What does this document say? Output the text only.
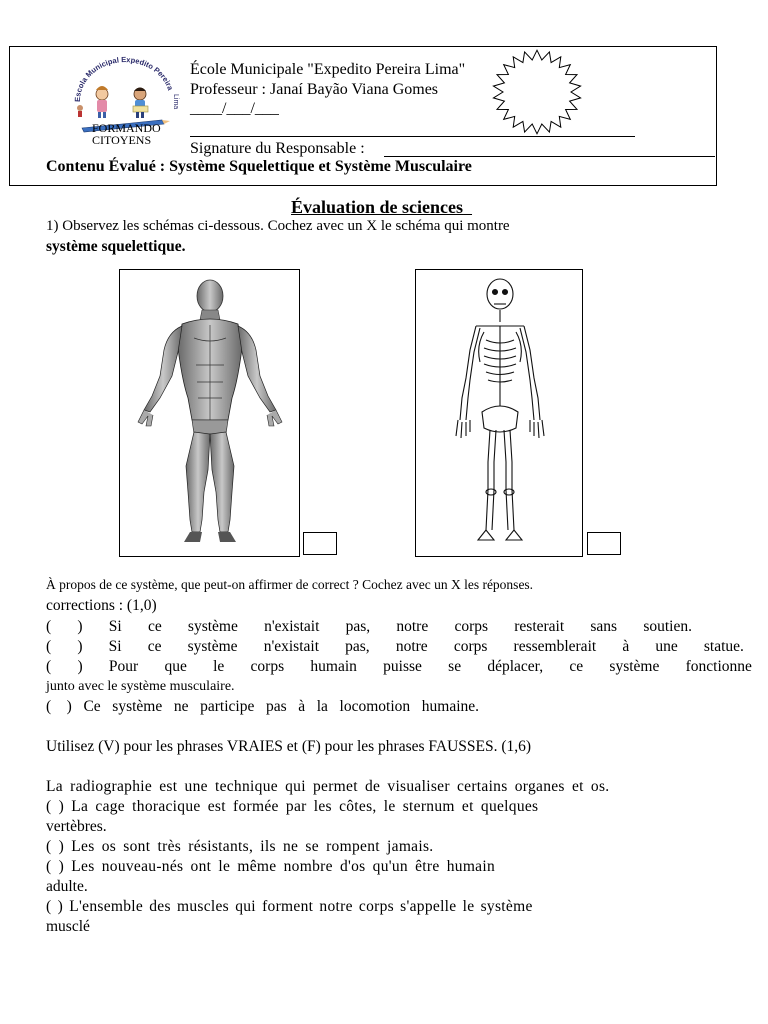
Escola Municipal Expedito Pereira
Lima
FORMANDO
CITOYENS
École Municipale "Expedito Pereira Lima"
Professeur : Janaí Bayão Viana Gomes
____/___/___
Signature du Responsable :
Contenu Évalué : Système Squelettique et Système Musculaire
Évaluation de sciences
1) Observez les schémas ci-dessous. Cochez avec un X le schéma qui montre
système squelettique.
À propos de ce système, que peut-on affirmer de correct ? Cochez avec un X les réponses.
corrections : (1,0)
( ) Si ce système n'existait pas, notre corps resterait sans soutien.
( ) Si ce système n'existait pas, notre corps ressemblerait à une statue.
( ) Pour que le corps humain puisse se déplacer, ce système fonctionne
junto avec le système musculaire.
(    )   Ce   système   ne   participe   pas   à   la   locomotion   humaine.
Utilisez (V) pour les phrases VRAIES et (F) pour les phrases FAUSSES. (1,6)
La radiographie est une technique qui permet de visualiser certains organes et os.
( ) La cage thoracique est formée par les côtes, le sternum et quelques
vertèbres.
( ) Les os sont très résistants, ils ne se rompent jamais.
( ) Les nouveau-nés ont le même nombre d'os qu'un être humain
adulte.
( ) L'ensemble des muscles qui forment notre corps s'appelle le système
musclé
